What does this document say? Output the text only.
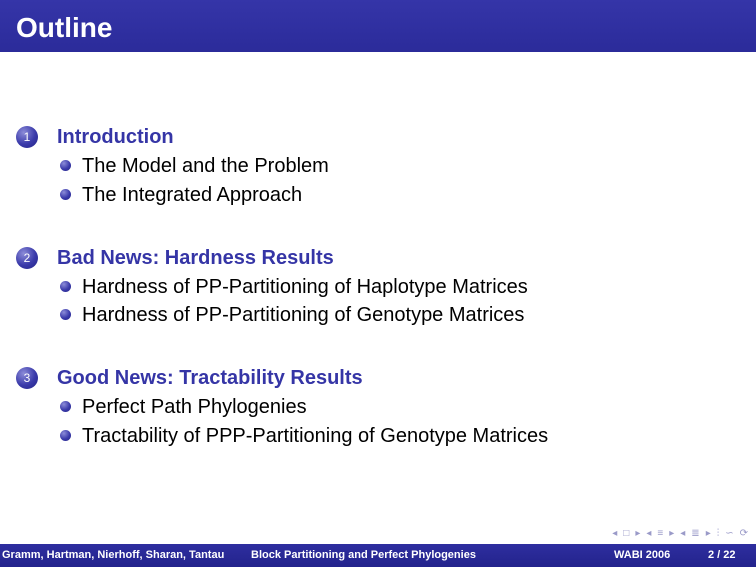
Outline
1	Introduction
The Model and the Problem
The Integrated Approach
2	Bad News: Hardness Results
Hardness of PP-Partitioning of Haplotype Matrices
Hardness of PP-Partitioning of Genotype Matrices
3	Good News: Tractability Results
Perfect Path Phylogenies
Tractability of PPP-Partitioning of Genotype Matrices
◂ □ ▸ ◂ ≡ ▸ ◂ ≣ ▸ ⫶ ∽ ⟳
Gramm, Hartman, Nierhoff, Sharan, Tantau Block Partitioning and Perfect Phylogenies	WABI 2006	2 / 22
